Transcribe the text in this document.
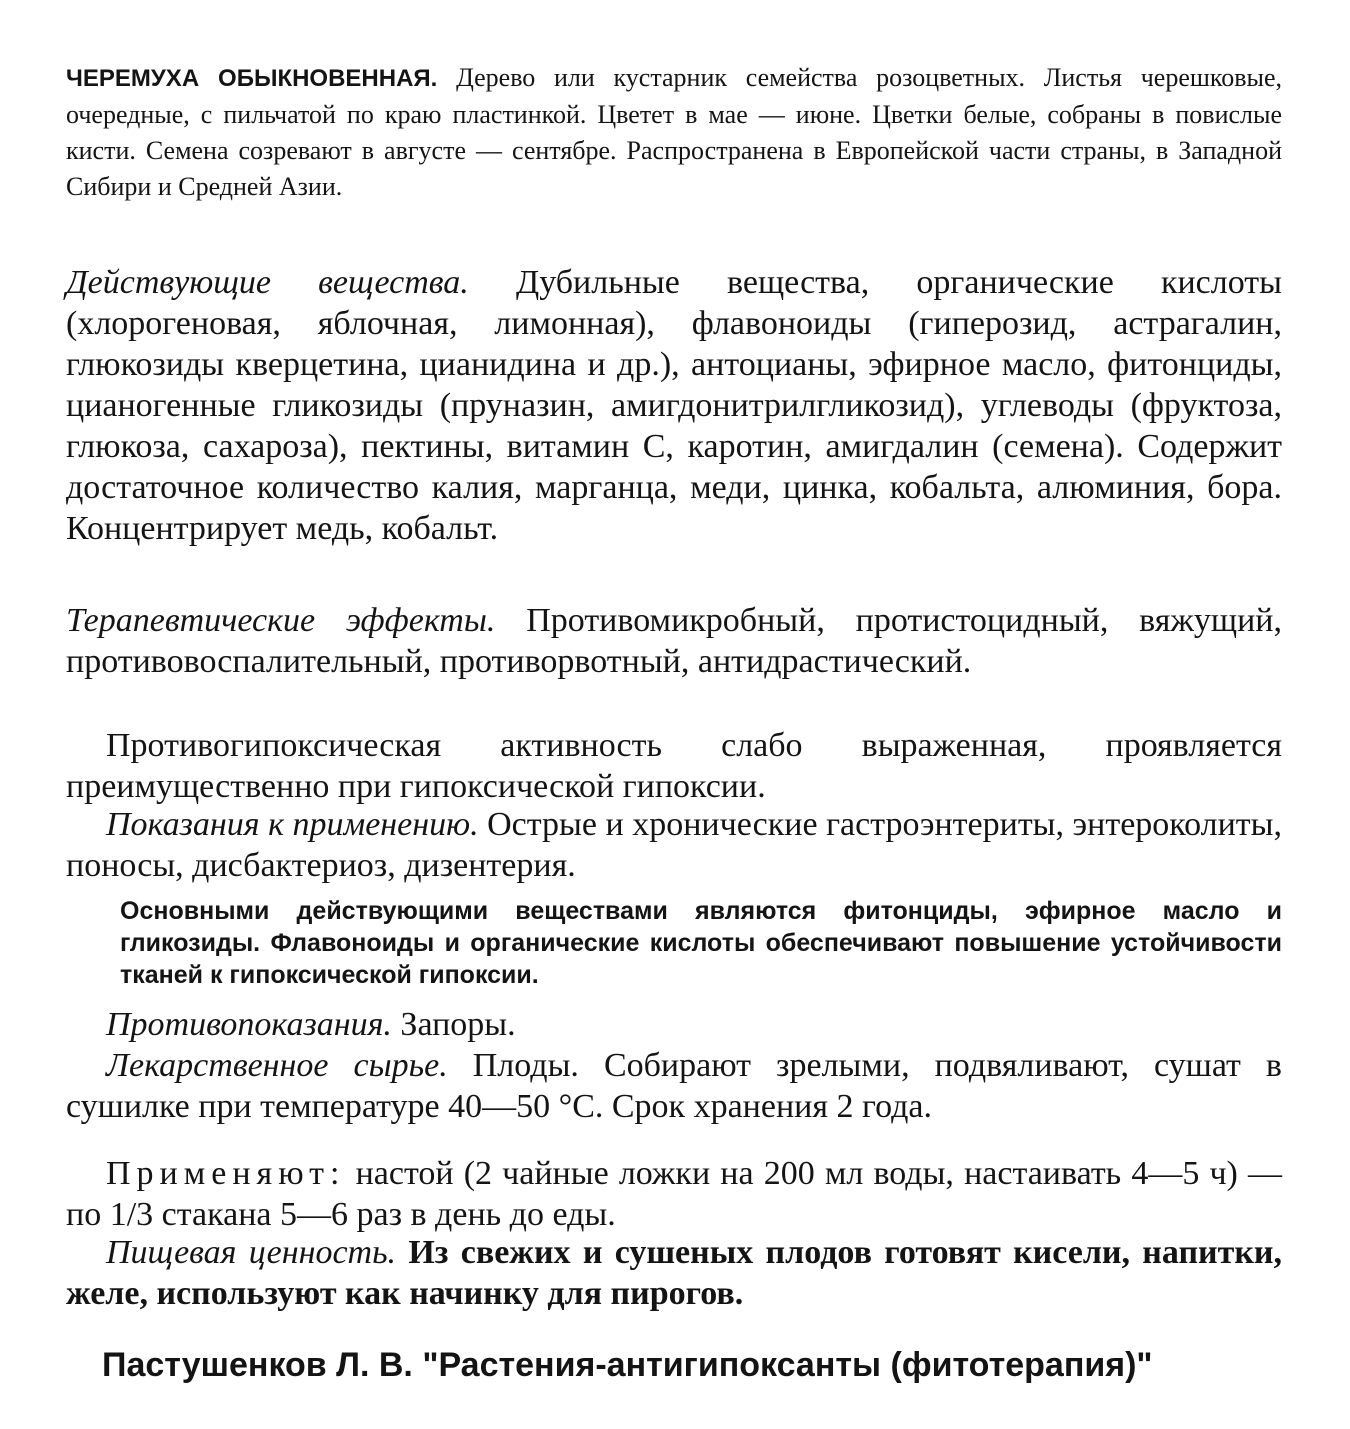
ЧЕРЕМУХА ОБЫКНОВЕННАЯ. Дерево или кустарник семейства розоцветных. Листья черешковые, очередные, с пильчатой по краю пластинкой. Цветет в мае — июне. Цветки белые, собраны в повислые кисти. Семена созревают в августе — сентябре. Распространена в Европейской части страны, в Западной Сибири и Средней Азии.

Действующие вещества. Дубильные вещества, органические кислоты (хлорогеновая, яблочная, лимонная), флавоноиды (гиперозид, астрагалин, глюкозиды кверцетина, цианидина и др.), антоцианы, эфирное масло, фитонциды, цианогенные гликозиды (прунaзин, амигдонитрилгликозид), углеводы (фруктоза, глюкоза, сахароза), пектины, витамин С, каротин, амигдалин (семена). Содержит достаточное количество калия, марганца, меди, цинка, кобальта, алюминия, бора. Концентрирует медь, кобальт.

Терапевтические эффекты. Противомикробный, протистоцидный, вяжущий, противовоспалительный, противорвотный, антидрастический.

Противогипоксическая активность слабо выраженная, проявляется преимущественно при гипоксической гипоксии.

Показания к применению. Острые и хронические гастроэнтериты, энтероколиты, поносы, дисбактериоз, дизентерия.

Основными действующими веществами являются фитонциды, эфирное масло и гликозиды. Флавоноиды и органические кислоты обеспечивают повышение устойчивости тканей к гипоксической гипоксии.

Противопоказания. Запоры.

Лекарственное сырье. Плоды. Собирают зрелыми, подвяливают, сушат в сушилке при температуре 40—50 °С. Срок хранения 2 года.

Применяют: настой (2 чайные ложки на 200 мл воды, настаивать 4—5 ч) — по 1/3 стакана 5—6 раз в день до еды.

Пищевая ценность. Из свежих и сушеных плодов готовят кисели, напитки, желе, используют как начинку для пирогов.

Пастушенков Л. В. "Растения-антигипоксанты (фитотерапия)"
